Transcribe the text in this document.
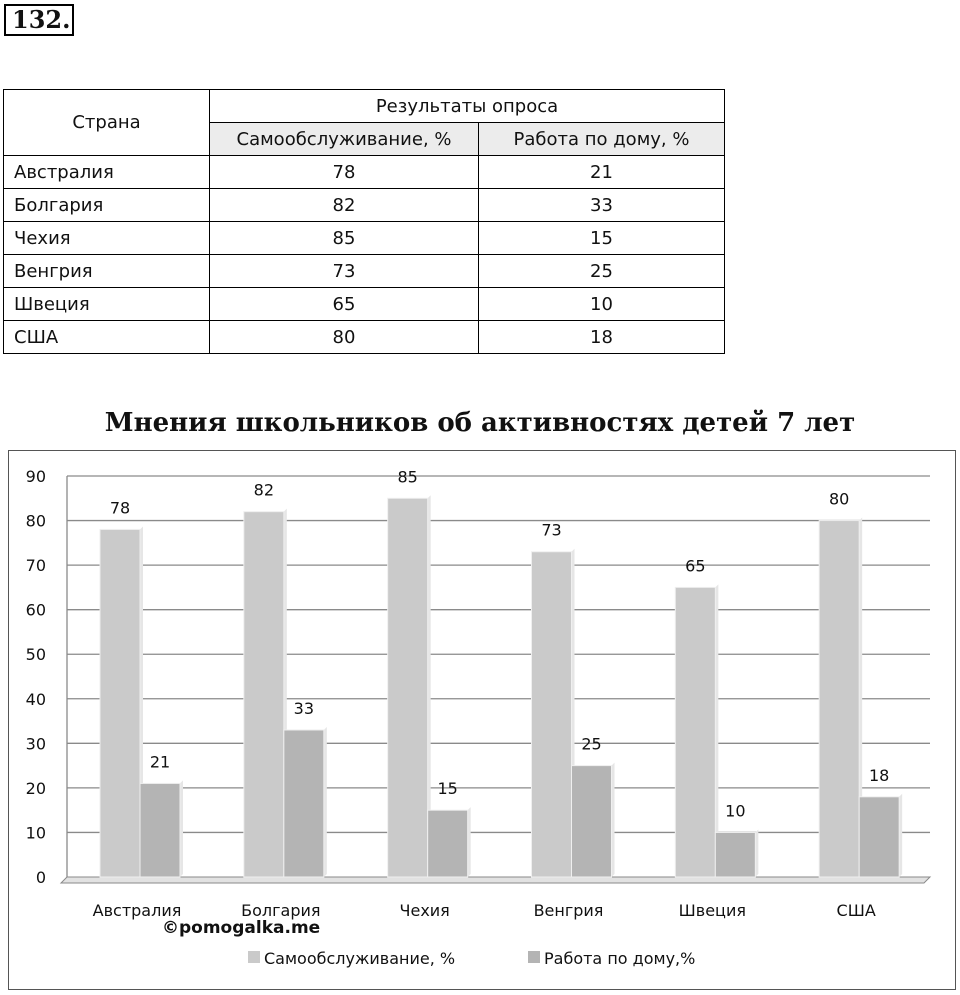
132.
Страна	Результаты опроса	
	Самообслуживание, %	Работа по дому, %
Австралия	78	21
Болгария	82	33
Чехия	85	15
Венгрия	73	25
Швеция	65	10
США	80	18
Мнения школьников об активностях детей 7 лет
0
10
20
30
40
50
60
70
80
90
78
21
Австралия
82
33
Болгария
85
15
Чехия
73
25
Венгрия
65
10
Швеция
80
18
США
Самообслуживание, %	Работа по дому,%
©pomogalka.me
